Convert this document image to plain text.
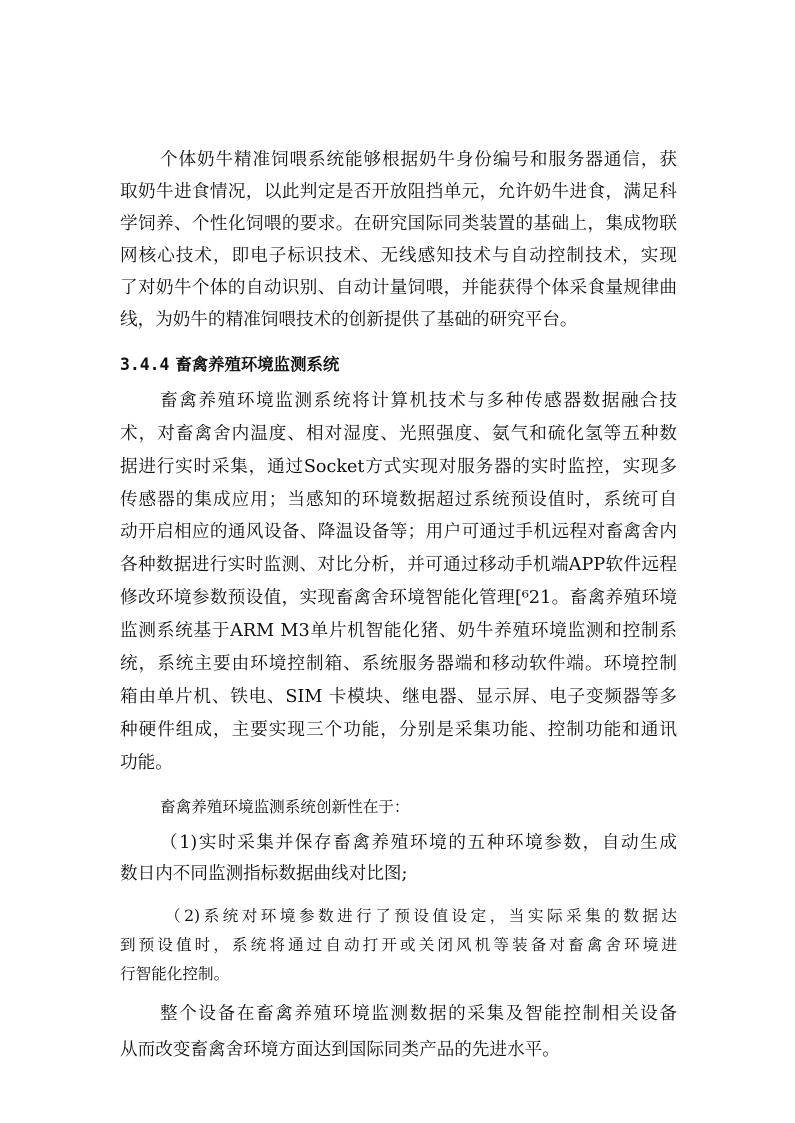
个体奶牛精准饲喂系统能够根据奶牛身份编号和服务器通信，获

取奶牛进食情况，以此判定是否开放阻挡单元，允许奶牛进食，满足科

学饲养、个性化饲喂的要求。在研究国际同类装置的基础上，集成物联

网核心技术，即电子标识技术、无线感知技术与自动控制技术，实现

了对奶牛个体的自动识别、自动计量饲喂，并能获得个体采食量规律曲

线，为奶牛的精准饲喂技术的创新提供了基础的研究平台。

3.4.4 畜禽养殖环境监测系统

畜禽养殖环境监测系统将计算机技术与多种传感器数据融合技

术，对畜禽舍内温度、相对湿度、光照强度、氨气和硫化氢等五种数

据进行实时采集，通过Socket方式实现对服务器的实时监控，实现多

传感器的集成应用；当感知的环境数据超过系统预设值时，系统可自

动开启相应的通风设备、降温设备等；用户可通过手机远程对畜禽舍内

各种数据进行实时监测、对比分析，并可通过移动手机端APP软件远程

修改环境参数预设值，实现畜禽舍环境智能化管理[⁶21。畜禽养殖环境

监测系统基于ARM M3单片机智能化猪、奶牛养殖环境监测和控制系

统，系统主要由环境控制箱、系统服务器端和移动软件端。环境控制

箱由单片机、铁电、SIM 卡模块、继电器、显示屏、电子变频器等多

种硬件组成，主要实现三个功能，分别是采集功能、控制功能和通讯

功能。

畜禽养殖环境监测系统创新性在于：

（1)实时采集并保存畜禽养殖环境的五种环境参数，自动生成

数日内不同监测指标数据曲线对比图;

（2)系统对环境参数进行了预设值设定，当实际采集的数据达

到预设值时，系统将通过自动打开或关闭风机等装备对畜禽舍环境进

行智能化控制。

整个设备在畜禽养殖环境监测数据的采集及智能控制相关设备

从而改变畜禽舍环境方面达到国际同类产品的先进水平。
